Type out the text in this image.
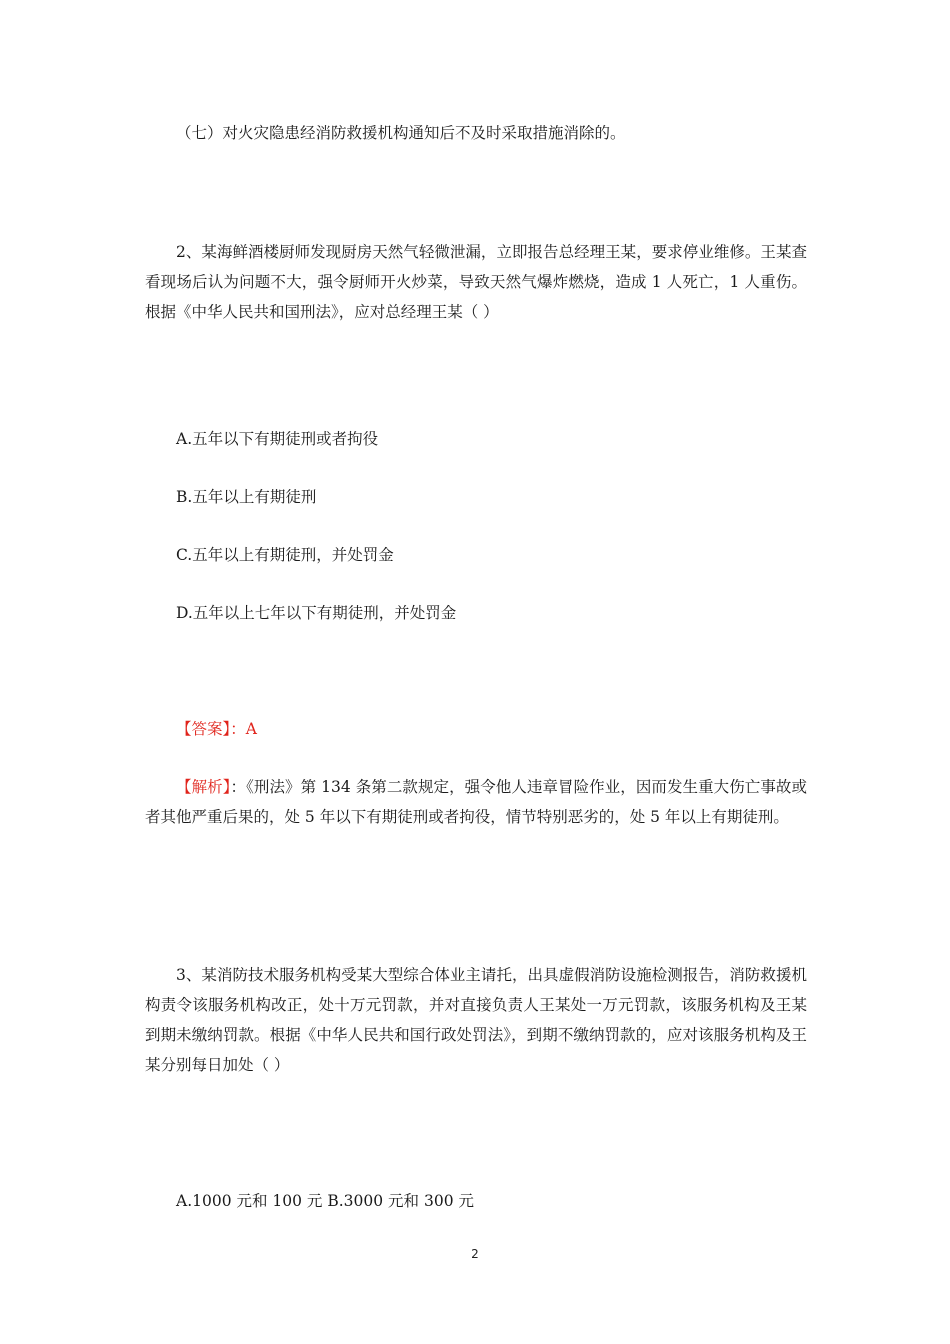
（七）对火灾隐患经消防救援机构通知后不及时采取措施消除的。

2、某海鲜酒楼厨师发现厨房天然气轻微泄漏，立即报告总经理王某，要求停业维修。王某查看现场后认为问题不大，强令厨师开火炒菜，导致天然气爆炸燃烧，造成 1 人死亡，1 人重伤。根据《中华人民共和国刑法》，应对总经理王某（ ）

A.五年以下有期徒刑或者拘役

B.五年以上有期徒刑

C.五年以上有期徒刑，并处罚金

D.五年以上七年以下有期徒刑，并处罚金

【答案】：A

【解析】：《刑法》第 134 条第二款规定，强令他人违章冒险作业，因而发生重大伤亡事故或者其他严重后果的，处 5 年以下有期徒刑或者拘役，情节特别恶劣的，处 5 年以上有期徒刑。

3、某消防技术服务机构受某大型综合体业主请托，出具虚假消防设施检测报告，消防救援机构责令该服务机构改正，处十万元罚款，并对直接负责人王某处一万元罚款，该服务机构及王某到期未缴纳罚款。根据《中华人民共和国行政处罚法》，到期不缴纳罚款的，应对该服务机构及王某分别每日加处（ ）

A.1000 元和 100 元 B.3000 元和 300 元

2
